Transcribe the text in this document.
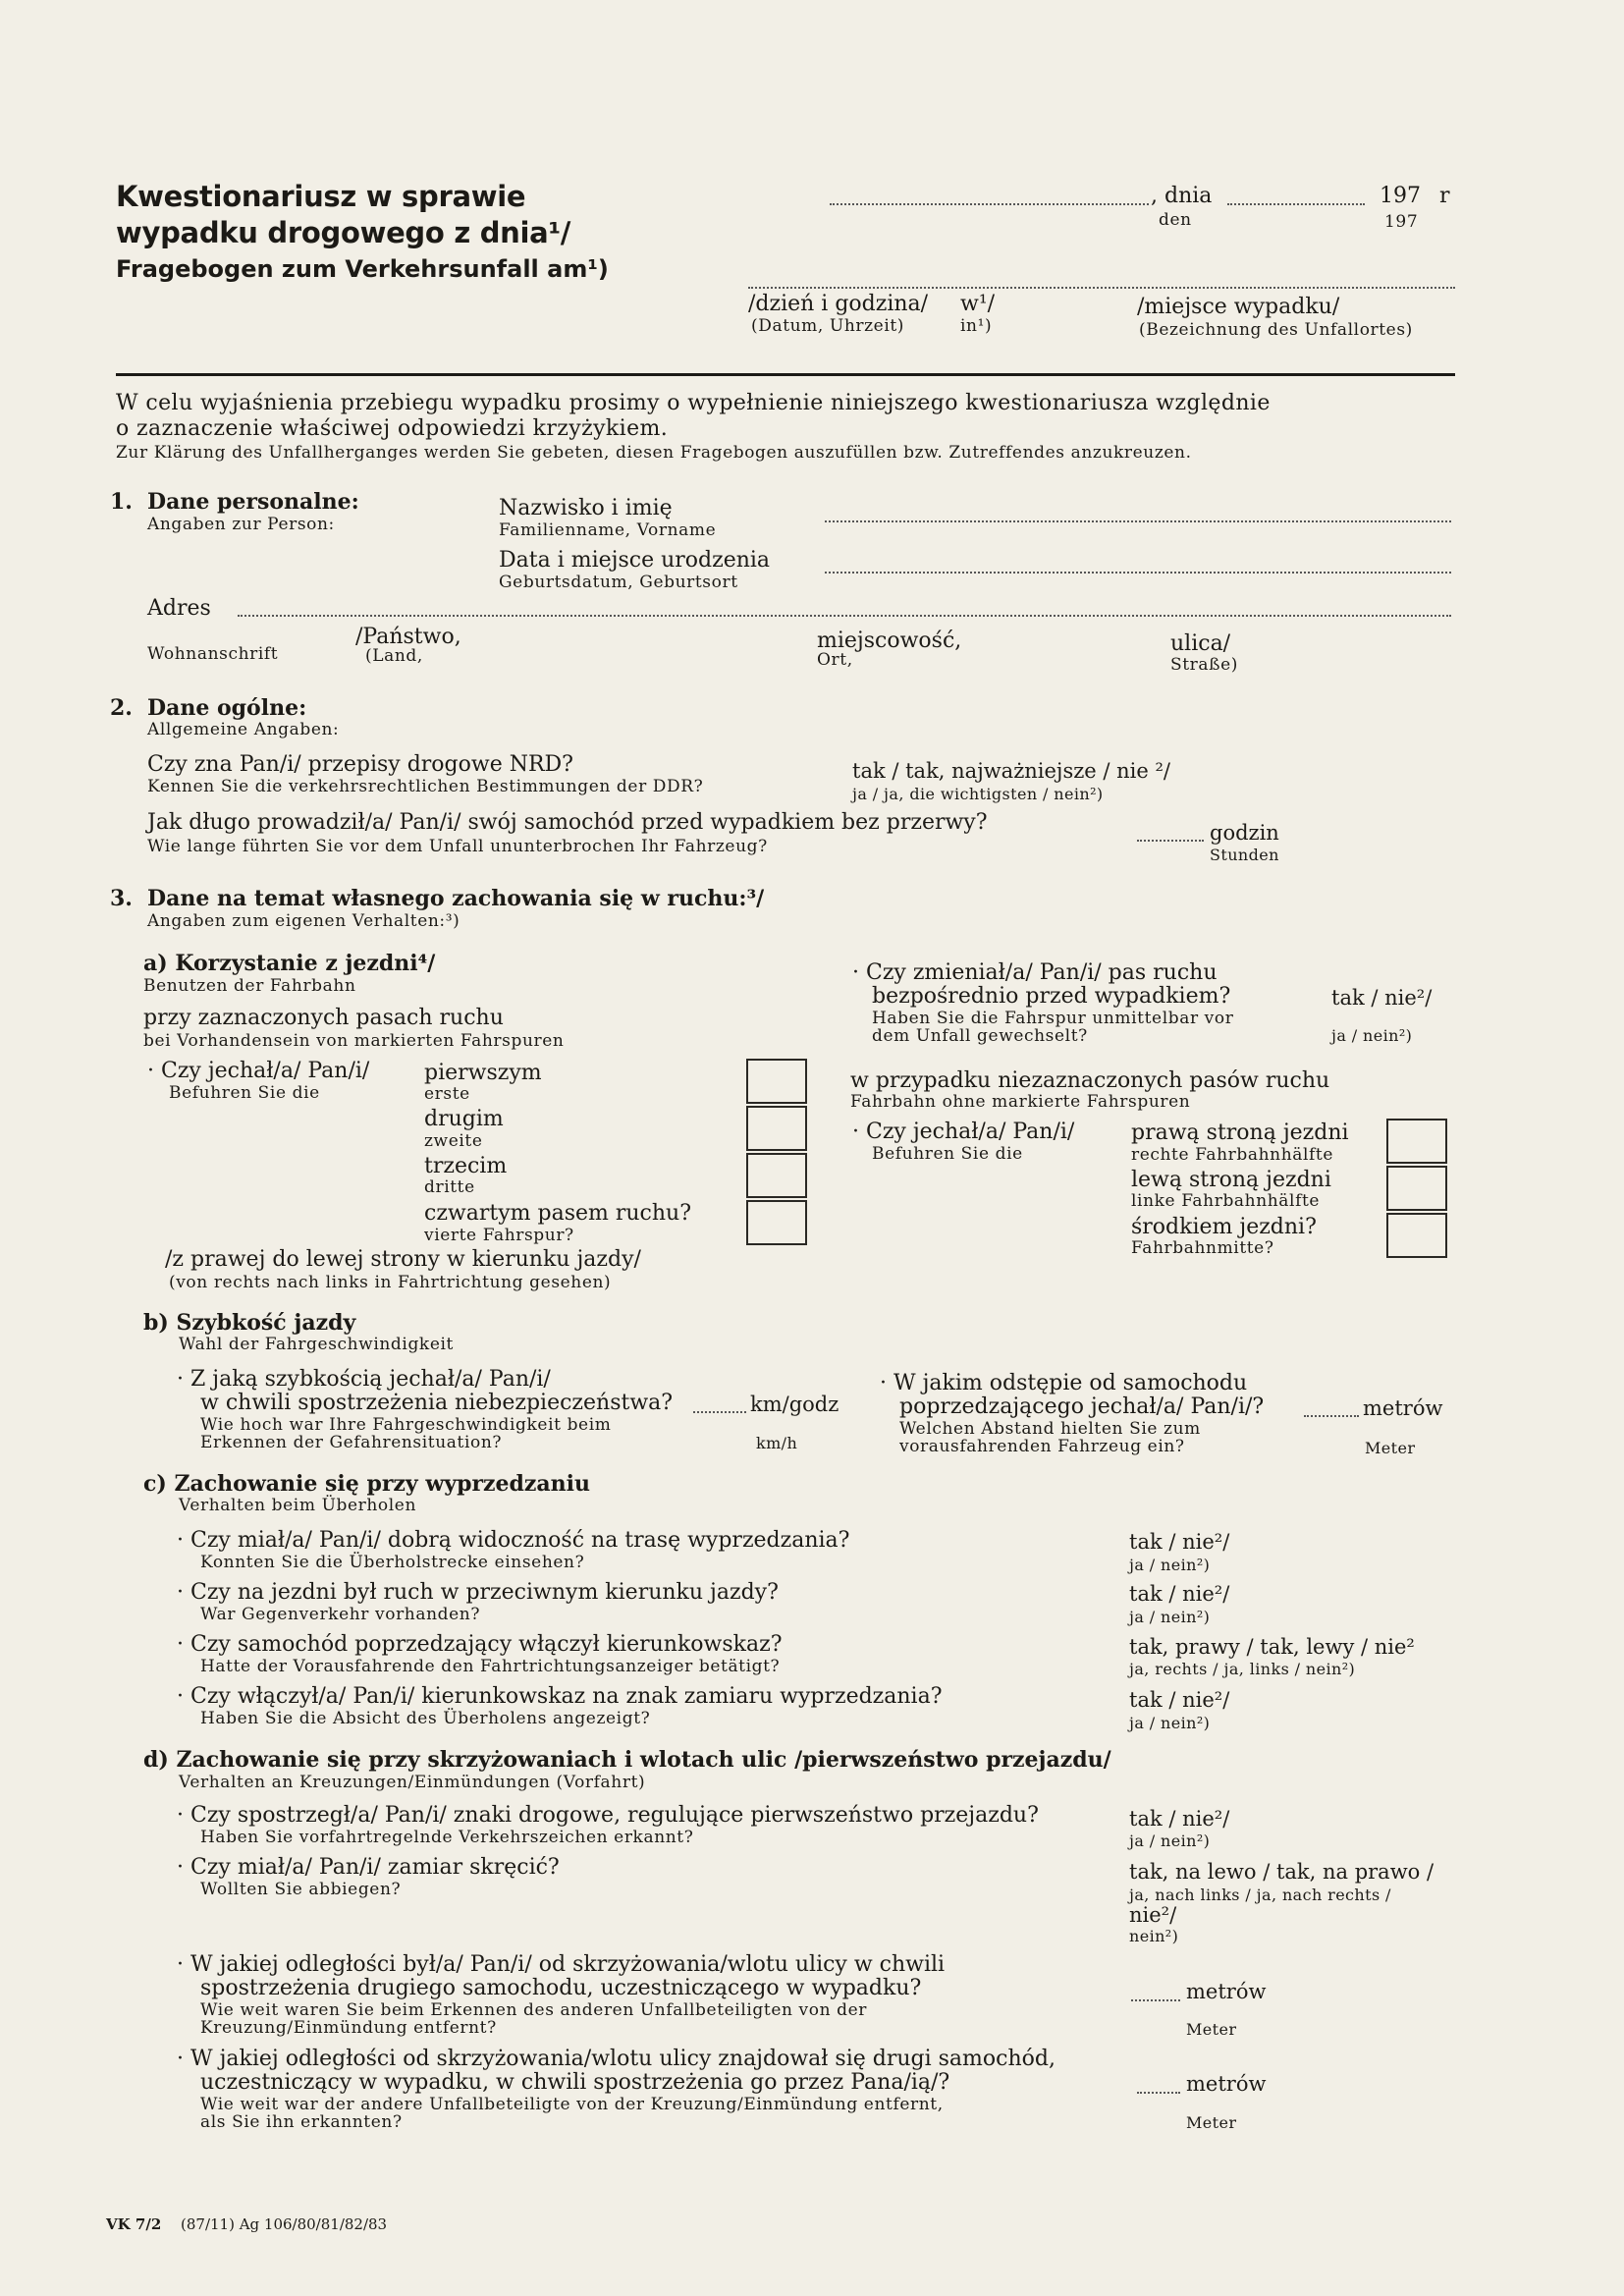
Kwestionariusz w sprawie
wypadku drogowego z dnia¹/
Fragebogen zum Verkehrsunfall am¹)
, dnia	197 r
den	197
/dzień i godzina/
(Datum, Uhrzeit)
w¹/
in¹)
/miejsce wypadku/
(Bezeichnung des Unfallortes)
W celu wyjaśnienia przebiegu wypadku prosimy o wypełnienie niniejszego kwestionariusza względnie
o zaznaczenie właściwej odpowiedzi krzyżykiem.
Zur Klärung des Unfallherganges werden Sie gebeten, diesen Fragebogen auszufüllen bzw. Zutreffendes anzukreuzen.
1. Dane personalne:
Angaben zur Person:
Nazwisko i imię
Familienname, Vorname
Data i miejsce urodzenia
Geburtsdatum, Geburtsort
Adres
/Państwo,
Wohnanschrift	(Land,
miejscowość,
Ort,
ulica/
Straße)
2. Dane ogólne:
Allgemeine Angaben:
Czy zna Pan/i/ przepisy drogowe NRD?
Kennen Sie die verkehrsrechtlichen Bestimmungen der DDR?
tak / tak, najważniejsze / nie ²/
ja / ja, die wichtigsten / nein²)
Jak długo prowadził/a/ Pan/i/ swój samochód przed wypadkiem bez przerwy?
Wie lange führten Sie vor dem Unfall ununterbrochen Ihr Fahrzeug?
godzin
Stunden
3. Dane na temat własnego zachowania się w ruchu:³/
Angaben zum eigenen Verhalten:³)
a) Korzystanie z jezdni⁴/
Benutzen der Fahrbahn
przy zaznaczonych pasach ruchu
bei Vorhandensein von markierten Fahrspuren
· Czy jechał/a/ Pan/i/
Befuhren Sie die
pierwszym
erste
drugim
zweite
trzecim
dritte
czwartym pasem ruchu?
vierte Fahrspur?
/z prawej do lewej strony w kierunku jazdy/
(von rechts nach links in Fahrtrichtung gesehen)
· Czy zmieniał/a/ Pan/i/ pas ruchu
bezpośrednio przed wypadkiem?
Haben Sie die Fahrspur unmittelbar vor
dem Unfall gewechselt?
tak / nie²/
ja / nein²)
w przypadku niezaznaczonych pasów ruchu
Fahrbahn ohne markierte Fahrspuren
· Czy jechał/a/ Pan/i/
Befuhren Sie die
prawą stroną jezdni
rechte Fahrbahnhälfte
lewą stroną jezdni
linke Fahrbahnhälfte
środkiem jezdni?
Fahrbahnmitte?
b) Szybkość jazdy
Wahl der Fahrgeschwindigkeit
· Z jaką szybkością jechał/a/ Pan/i/
w chwili spostrzeżenia niebezpieczeństwa?
Wie hoch war Ihre Fahrgeschwindigkeit beim
Erkennen der Gefahrensituation?
km/godz
km/h
· W jakim odstępie od samochodu
poprzedzającego jechał/a/ Pan/i/?
Welchen Abstand hielten Sie zum
vorausfahrenden Fahrzeug ein?
metrów
Meter
c) Zachowanie się przy wyprzedzaniu
Verhalten beim Überholen
· Czy miał/a/ Pan/i/ dobrą widoczność na trasę wyprzedzania?
Konnten Sie die Überholstrecke einsehen?
tak / nie²/
ja / nein²)
· Czy na jezdni był ruch w przeciwnym kierunku jazdy?
War Gegenverkehr vorhanden?
tak / nie²/
ja / nein²)
· Czy samochód poprzedzający włączył kierunkowskaz?
Hatte der Vorausfahrende den Fahrtrichtungsanzeiger betätigt?
tak, prawy / tak, lewy / nie²
ja, rechts / ja, links / nein²)
· Czy włączył/a/ Pan/i/ kierunkowskaz na znak zamiaru wyprzedzania?
Haben Sie die Absicht des Überholens angezeigt?
tak / nie²/
ja / nein²)
d) Zachowanie się przy skrzyżowaniach i wlotach ulic /pierwszeństwo przejazdu/
Verhalten an Kreuzungen/Einmündungen (Vorfahrt)
· Czy spostrzegł/a/ Pan/i/ znaki drogowe, regulujące pierwszeństwo przejazdu?
Haben Sie vorfahrtregelnde Verkehrszeichen erkannt?
tak / nie²/
ja / nein²)
· Czy miał/a/ Pan/i/ zamiar skręcić?
Wollten Sie abbiegen?
tak, na lewo / tak, na prawo /
ja, nach links / ja, nach rechts /
nie²/
nein²)
· W jakiej odległości był/a/ Pan/i/ od skrzyżowania/wlotu ulicy w chwili
spostrzeżenia drugiego samochodu, uczestniczącego w wypadku?
Wie weit waren Sie beim Erkennen des anderen Unfallbeteiligten von der
Kreuzung/Einmündung entfernt?
metrów
Meter
· W jakiej odległości od skrzyżowania/wlotu ulicy znajdował się drugi samochód,
uczestniczący w wypadku, w chwili spostrzeżenia go przez Pana/ią/?
Wie weit war der andere Unfallbeteiligte von der Kreuzung/Einmündung entfernt,
als Sie ihn erkannten?
metrów
Meter
VK 7/2 (87/11) Ag 106/80/81/82/83
